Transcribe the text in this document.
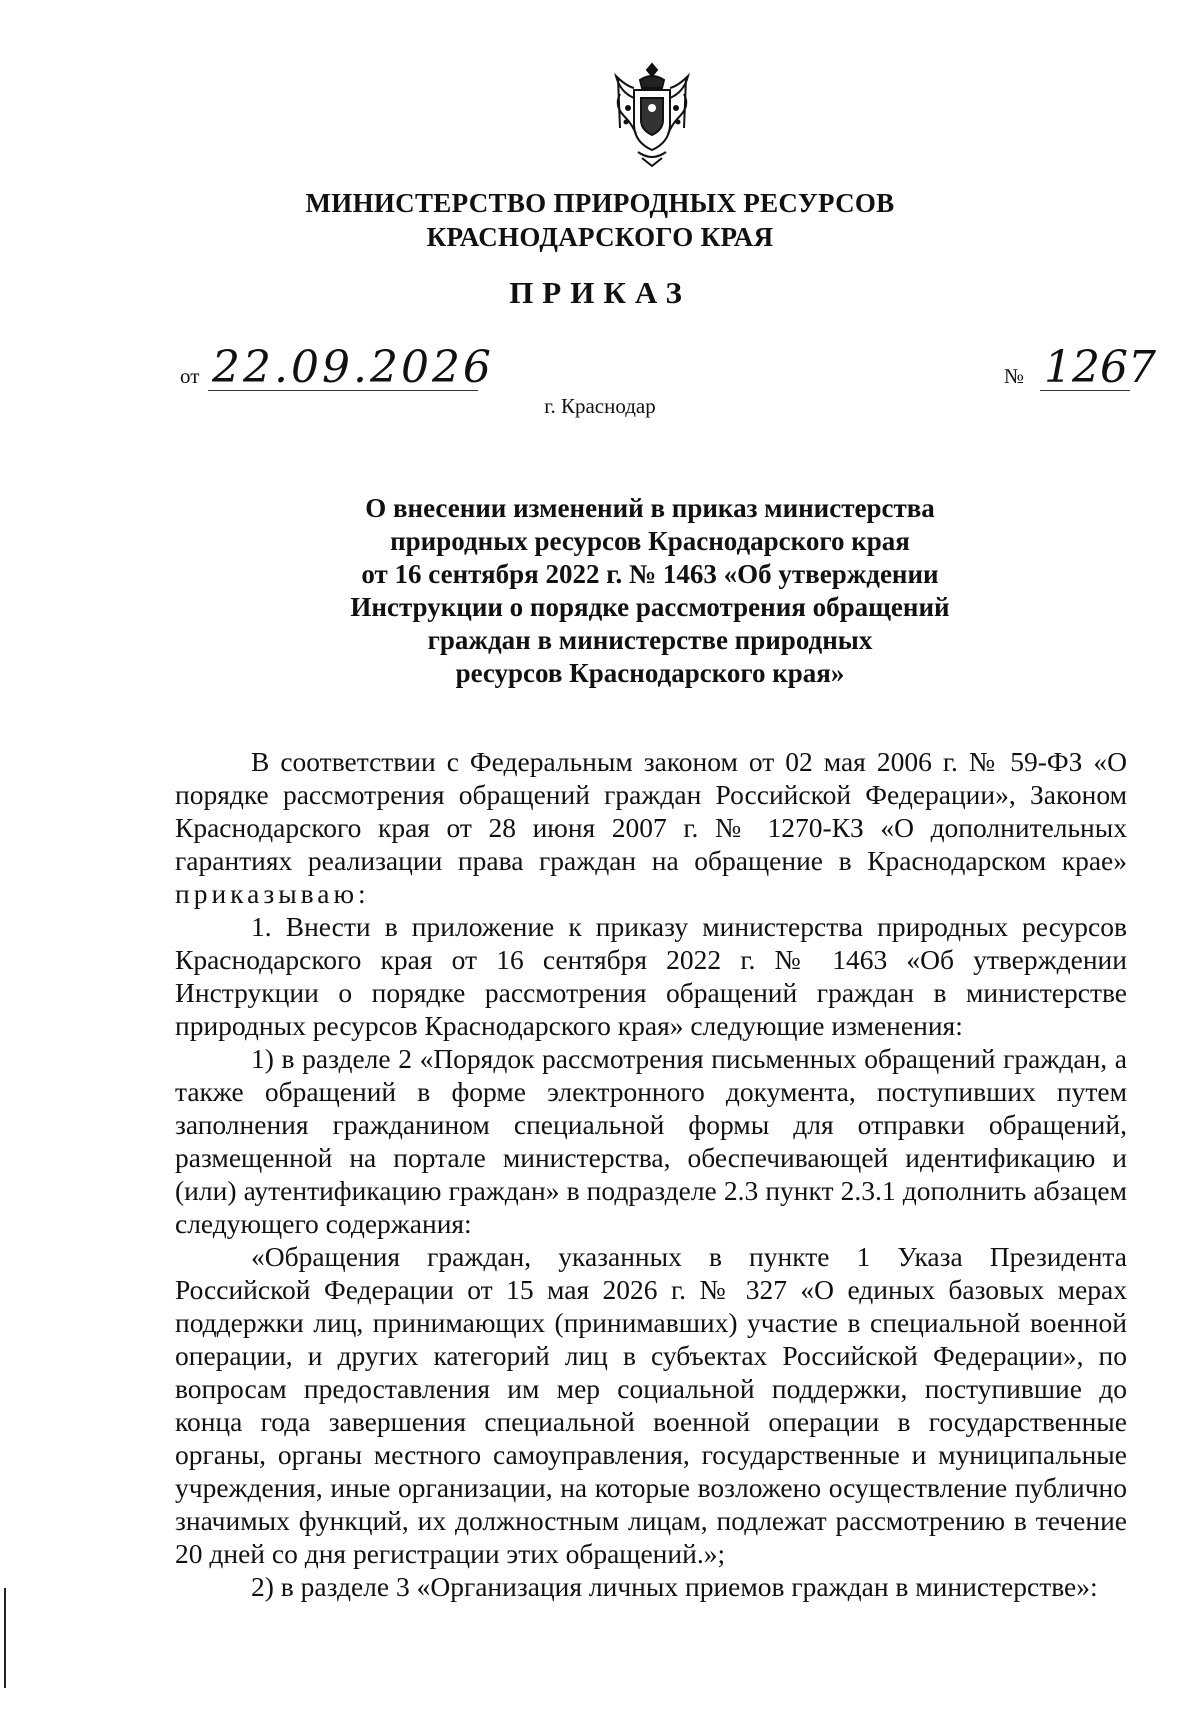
МИНИСТЕРСТВО ПРИРОДНЫХ РЕСУРСОВ
КРАСНОДАРСКОГО КРАЯ
ПРИКАЗ
от 22.09.2026	№ 1267
г. Краснодар
О внесении изменений в приказ министерства
природных ресурсов Краснодарского края
от 16 сентября 2022 г. № 1463 «Об утверждении
Инструкции о порядке рассмотрения обращений
граждан в министерстве природных
ресурсов Краснодарского края»

В соответствии с Федеральным законом от 02 мая 2006 г. № 59-ФЗ «О порядке рассмотрения обращений граждан Российской Федерации», Законом Краснодарского края от 28 июня 2007 г. № 1270-КЗ «О дополнительных гарантиях реализации права граждан на обращение в Краснодарском крае» приказываю:

1. Внести в приложение к приказу министерства природных ресурсов Краснодарского края от 16 сентября 2022 г. № 1463 «Об утверждении Инструкции о порядке рассмотрения обращений граждан в министерстве природных ресурсов Краснодарского края» следующие изменения:

1) в разделе 2 «Порядок рассмотрения письменных обращений граждан, а также обращений в форме электронного документа, поступивших путем заполнения гражданином специальной формы для отправки обращений, размещенной на портале министерства, обеспечивающей идентификацию и (или) аутентификацию граждан» в подразделе 2.3 пункт 2.3.1 дополнить абзацем следующего содержания:

«Обращения граждан, указанных в пункте 1 Указа Президента Российской Федерации от 15 мая 2026 г. № 327 «О единых базовых мерах поддержки лиц, принимающих (принимавших) участие в специальной военной операции, и других категорий лиц в субъектах Российской Федерации», по вопросам предоставления им мер социальной поддержки, поступившие до конца года завершения специальной военной операции в государственные органы, органы местного самоуправления, государственные и муниципальные учреждения, иные организации, на которые возложено осуществление публично значимых функций, их должностным лицам, подлежат рассмотрению в течение 20 дней со дня регистрации этих обращений.»;

2) в разделе 3 «Организация личных приемов граждан в министерстве»:
